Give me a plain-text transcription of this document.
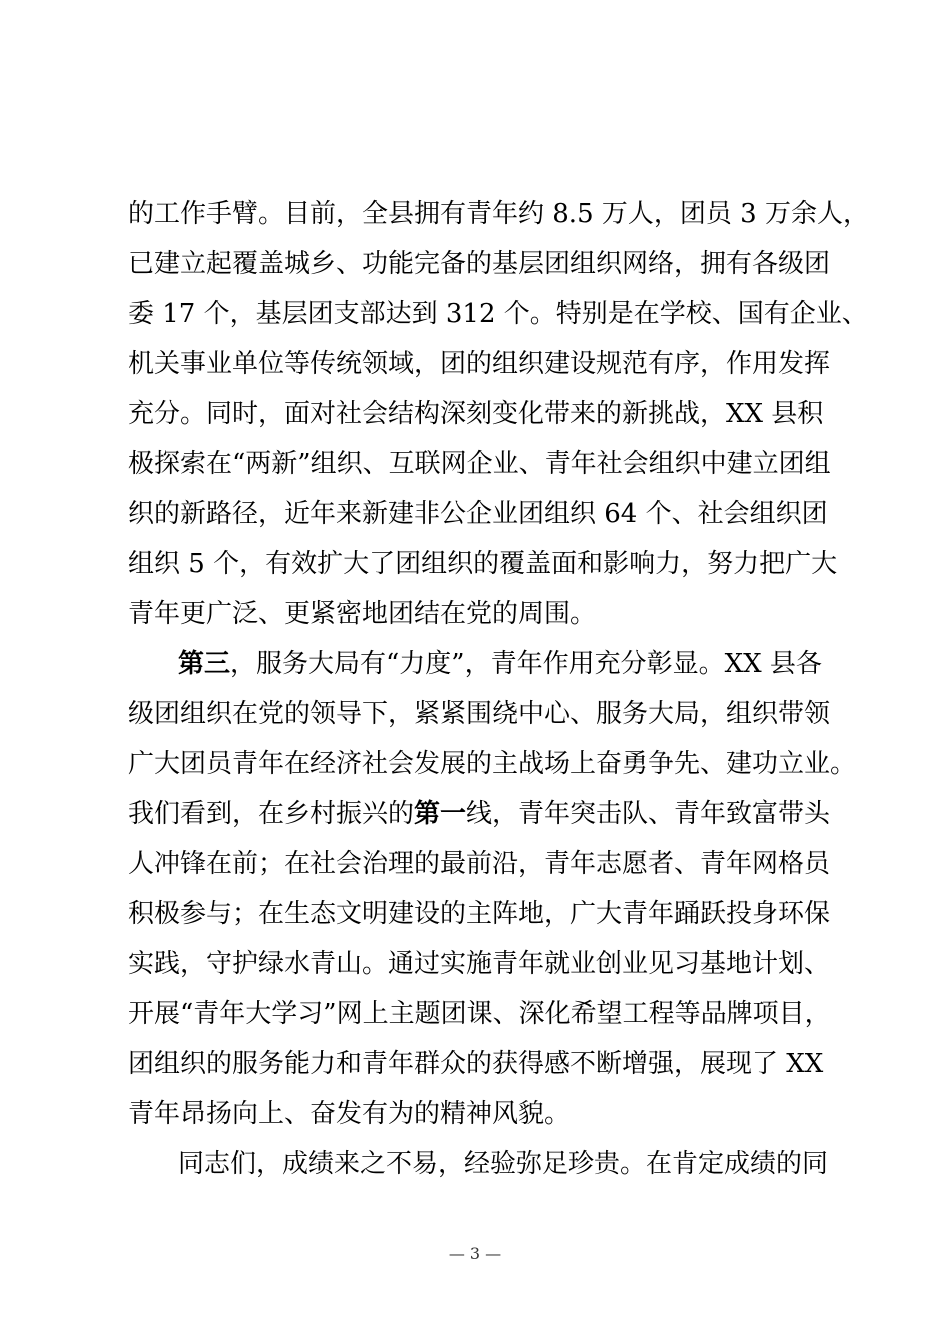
的工作手臂。目前，全县拥有青年约 8.5 万人，团员 3 万余人，
已建立起覆盖城乡、功能完备的基层团组织网络，拥有各级团
委 17 个，基层团支部达到 312 个。特别是在学校、国有企业、
机关事业单位等传统领域，团的组织建设规范有序，作用发挥
充分。同时，面对社会结构深刻变化带来的新挑战，XX 县积
极探索在“两新”组织、互联网企业、青年社会组织中建立团组
织的新路径，近年来新建非公企业团组织 64 个、社会组织团
组织 5 个，有效扩大了团组织的覆盖面和影响力，努力把广大
青年更广泛、更紧密地团结在党的周围。
第三，服务大局有“力度”，青年作用充分彰显。XX 县各
级团组织在党的领导下，紧紧围绕中心、服务大局，组织带领
广大团员青年在经济社会发展的主战场上奋勇争先、建功立业。
我们看到，在乡村振兴的第一线，青年突击队、青年致富带头
人冲锋在前；在社会治理的最前沿，青年志愿者、青年网格员
积极参与；在生态文明建设的主阵地，广大青年踊跃投身环保
实践，守护绿水青山。通过实施青年就业创业见习基地计划、
开展“青年大学习”网上主题团课、深化希望工程等品牌项目，
团组织的服务能力和青年群众的获得感不断增强，展现了 XX
青年昂扬向上、奋发有为的精神风貌。
同志们，成绩来之不易，经验弥足珍贵。在肯定成绩的同
— 3 —
